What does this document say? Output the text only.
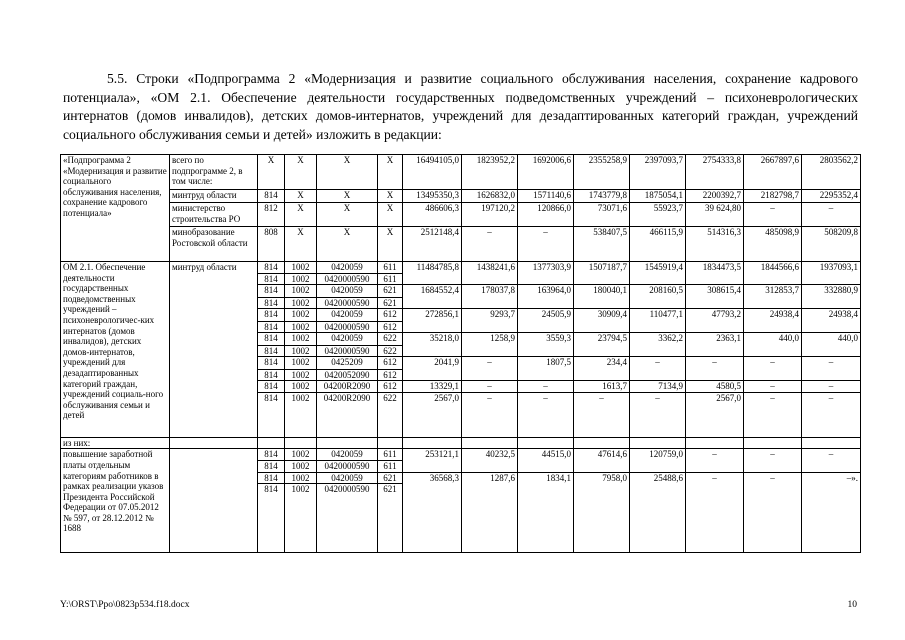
5.5. Строки «Подпрограмма 2 «Модернизация и развитие социального обслуживания населения, сохранение кадрового потенциала», «ОМ 2.1. Обеспечение деятельности государственных подведомственных учреждений – психоневрологических интернатов (домов инвалидов), детских домов-интернатов, учреждений для дезадаптированных категорий граждан, учреждений социального обслуживания семьи и детей» изложить в редакции:
«Подпрограмма 2 «Модернизация и развитие социального обслуживания населения, сохранение кадрового потенциала»	всего по подпрограмме 2, в том числе:	Х	Х	Х	Х	16494105,0	1823952,2	1692006,6	2355258,9	2397093,7	2754333,8	2667897,6	2803562,2
	минтруд области	814	Х	Х	Х	13495350,3	1626832,0	1571140,6	1743779,8	1875054,1	2200392,7	2182798,7	2295352,4
	министерство строительства РО	812	Х	Х	Х	486606,3	197120,2	120866,0	73071,6	55923,7	39 624,80	–	–
	минобразование Ростовской области	808	Х	Х	Х	2512148,4	–	–	538407,5	466115,9	514316,3	485098,9	508209,8
ОМ 2.1. Обеспечение деятельности государственных подведомственных учреждений – психоневрологичес-ких интернатов (домов инвалидов), детских домов-интернатов, учреждений для дезадаптированных категорий граждан, учреждений социаль-ного обслуживания семьи и детей	минтруд области	814	1002	0420059	611	11484785,8	1438241,6	1377303,9	1507187,7	1545919,4	1834473,5	1844566,6	1937093,1
		814	1002	0420000590	611								
		814	1002	0420059	621	1684552,4	178037,8	163964,0	180040,1	208160,5	308615,4	312853,7	332880,9
		814	1002	0420000590	621								
		814	1002	0420059	612	272856,1	9293,7	24505,9	30909,4	110477,1	47793,2	24938,4	24938,4
		814	1002	0420000590	612								
		814	1002	0420059	622	35218,0	1258,9	3559,3	23794,5	3362,2	2363,1	440,0	440,0
		814	1002	0420000590	622								
		814	1002	0425209	612	2041,9	–	1807,5	234,4	–	–	–	–
		814	1002	0420052090	612								
		814	1002	04200R2090	612	13329,1	–	–	1613,7	7134,9	4580,5	–	–
		814	1002	04200R2090	622	2567,0	–	–	–	–	2567,0	–	–
из них:													
повышение заработной платы отдельным категориям работников в рамках реализации указов Президента Российской Федерации от 07.05.2012 № 597, от 28.12.2012 № 1688		814	1002	0420059	611	253121,1	40232,5	44515,0	47614,6	120759,0	–	–	–
		814	1002	0420000590	611								
		814	1002	0420059	621	36568,3	1287,6	1834,1	7958,0	25488,6	–	–	–».
		814	1002	0420000590	621								
Y:\ORST\Ppo\0823p534.f18.docx	10
